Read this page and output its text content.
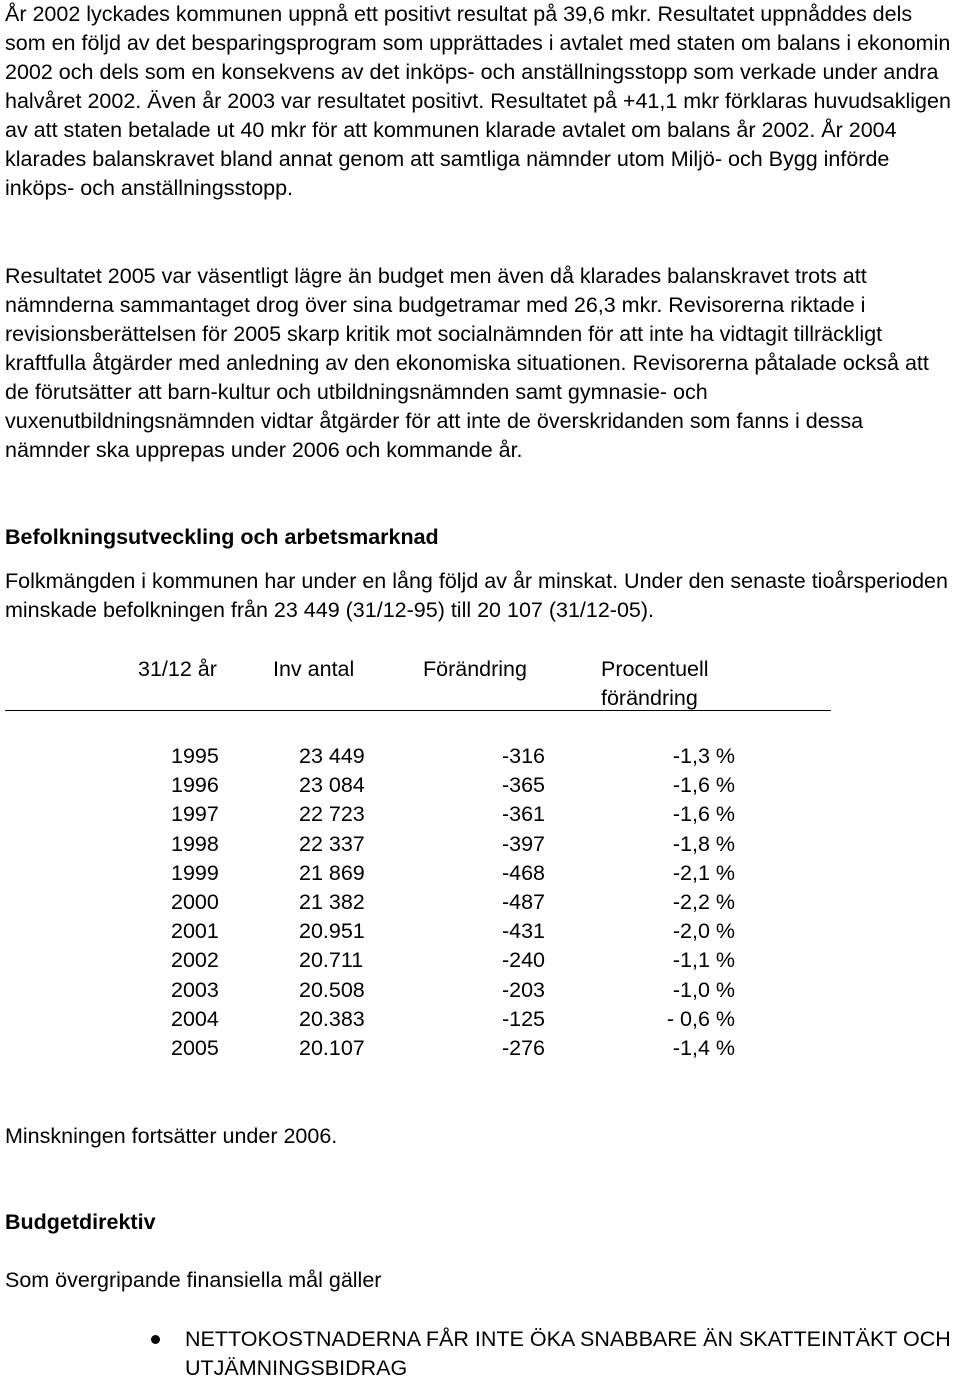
År 2002 lyckades kommunen uppnå ett positivt resultat på 39,6 mkr. Resultatet uppnåddes dels som en följd av det besparingsprogram som upprättades i avtalet med staten om balans i ekonomin 2002 och dels som en konsekvens av det inköps- och anställningsstopp som verkade under andra halvåret 2002. Även år 2003 var resultatet positivt. Resultatet på +41,1 mkr förklaras huvudsakligen av att staten betalade ut 40 mkr för att kommunen klarade avtalet om balans år 2002. År 2004 klarades balanskravet bland annat genom att samtliga nämnder utom Miljö- och Bygg införde inköps- och anställningsstopp.

Resultatet 2005 var väsentligt lägre än budget men även då klarades balanskravet trots att nämnderna sammantaget drog över sina budgetramar med 26,3 mkr. Revisorerna riktade i revisionsberättelsen för 2005 skarp kritik mot socialnämnden för att inte ha vidtagit tillräckligt kraftfulla åtgärder med anledning av den ekonomiska situationen. Revisorerna påtalade också att de förutsätter att barn-kultur och utbildningsnämnden samt gymnasie- och vuxenutbildningsnämnden vidtar åtgärder för att inte de överskridanden som fanns i dessa nämnder ska upprepas under 2006 och kommande år.

Befolkningsutveckling och arbetsmarknad

Folkmängden i kommunen har under en lång följd av år minskat. Under den senaste tioårsperioden minskade befolkningen från 23 449 (31/12-95) till 20 107 (31/12-05).

31/12 år	Inv antal	Förändring	Procentuell förändring
1995	23 449	-316	-1,3 %
1996	23 084	-365	-1,6 %
1997	22 723	-361	-1,6 %
1998	22 337	-397	-1,8 %
1999	21 869	-468	-2,1 %
2000	21 382	-487	-2,2 %
2001	20.951	-431	-2,0 %
2002	20.711	-240	-1,1 %
2003	20.508	-203	-1,0 %
2004	20.383	-125	- 0,6 %
2005	20.107	-276	-1,4 %

Minskningen fortsätter under 2006.

Budgetdirektiv

Som övergripande finansiella mål gäller

NETTOKOSTNADERNA FÅR INTE ÖKA SNABBARE ÄN SKATTEINTÄKT OCH UTJÄMNINGSBIDRAG
